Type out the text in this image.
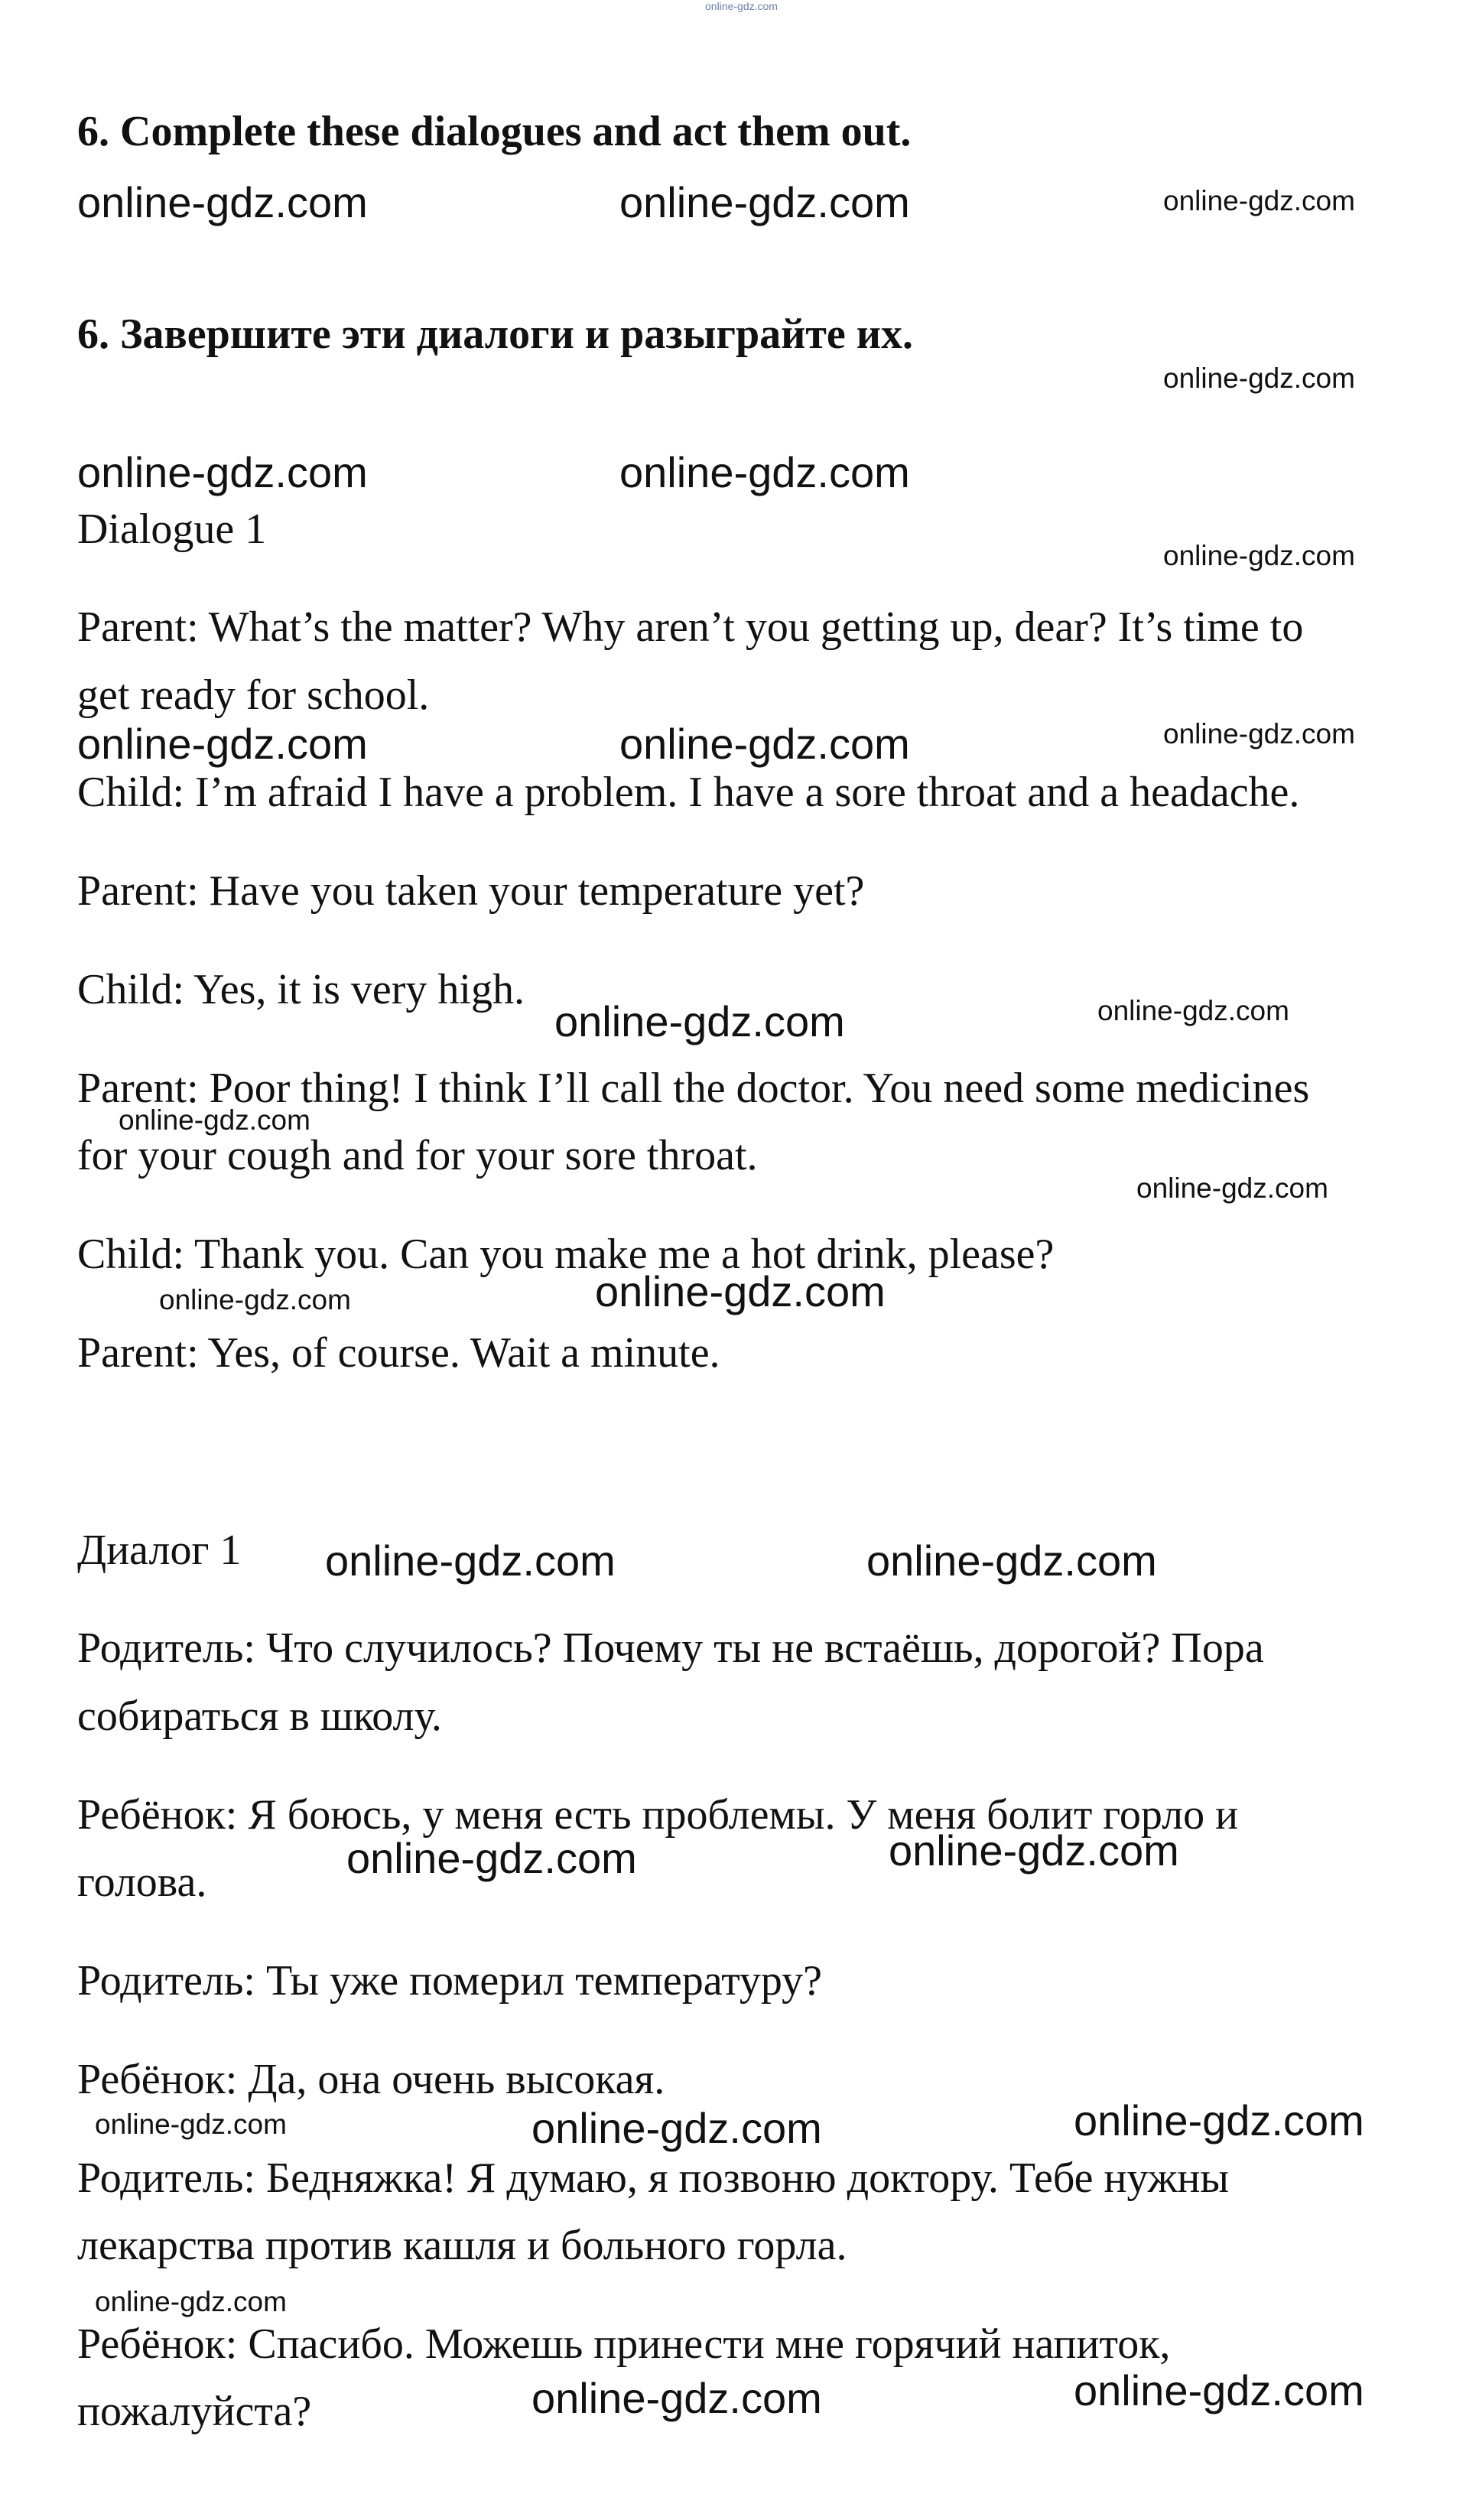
online-gdz.com
6. Complete these dialogues and act them out.
online-gdz.com	online-gdz.com	online-gdz.com
6. Завершите эти диалоги и разыграйте их.
online-gdz.com
online-gdz.com	online-gdz.com
Dialogue 1
online-gdz.com
Parent: What’s the matter? Why aren’t you getting up, dear? It’s time to
get ready for school.
online-gdz.com
online-gdz.com	online-gdz.com
Child: I’m afraid I have a problem. I have a sore throat and a headache.
Parent: Have you taken your temperature yet?
Child: Yes, it is very high.
online-gdz.com	online-gdz.com
Parent: Poor thing! I think I’ll call the doctor. You need some medicines
online-gdz.com
for your cough and for your sore throat.
online-gdz.com
Child: Thank you. Can you make me a hot drink, please?
online-gdz.com	online-gdz.com
Parent: Yes, of course. Wait a minute.
Диалог 1 online-gdz.com	online-gdz.com
Родитель: Что случилось? Почему ты не встаёшь, дорогой? Пора
собираться в школу.
Ребёнок: Я боюсь, у меня есть проблемы. У меня болит горло и
online-gdz.com	online-gdz.com
голова.
Родитель: Ты уже померил температуру?
Ребёнок: Да, она очень высокая.
online-gdz.com	online-gdz.com	online-gdz.com
Родитель: Бедняжка! Я думаю, я позвоню доктору. Тебе нужны
лекарства против кашля и больного горла.
online-gdz.com
Ребёнок: Спасибо. Можешь принести мне горячий напиток,
online-gdz.com	online-gdz.com
пожалуйста?
